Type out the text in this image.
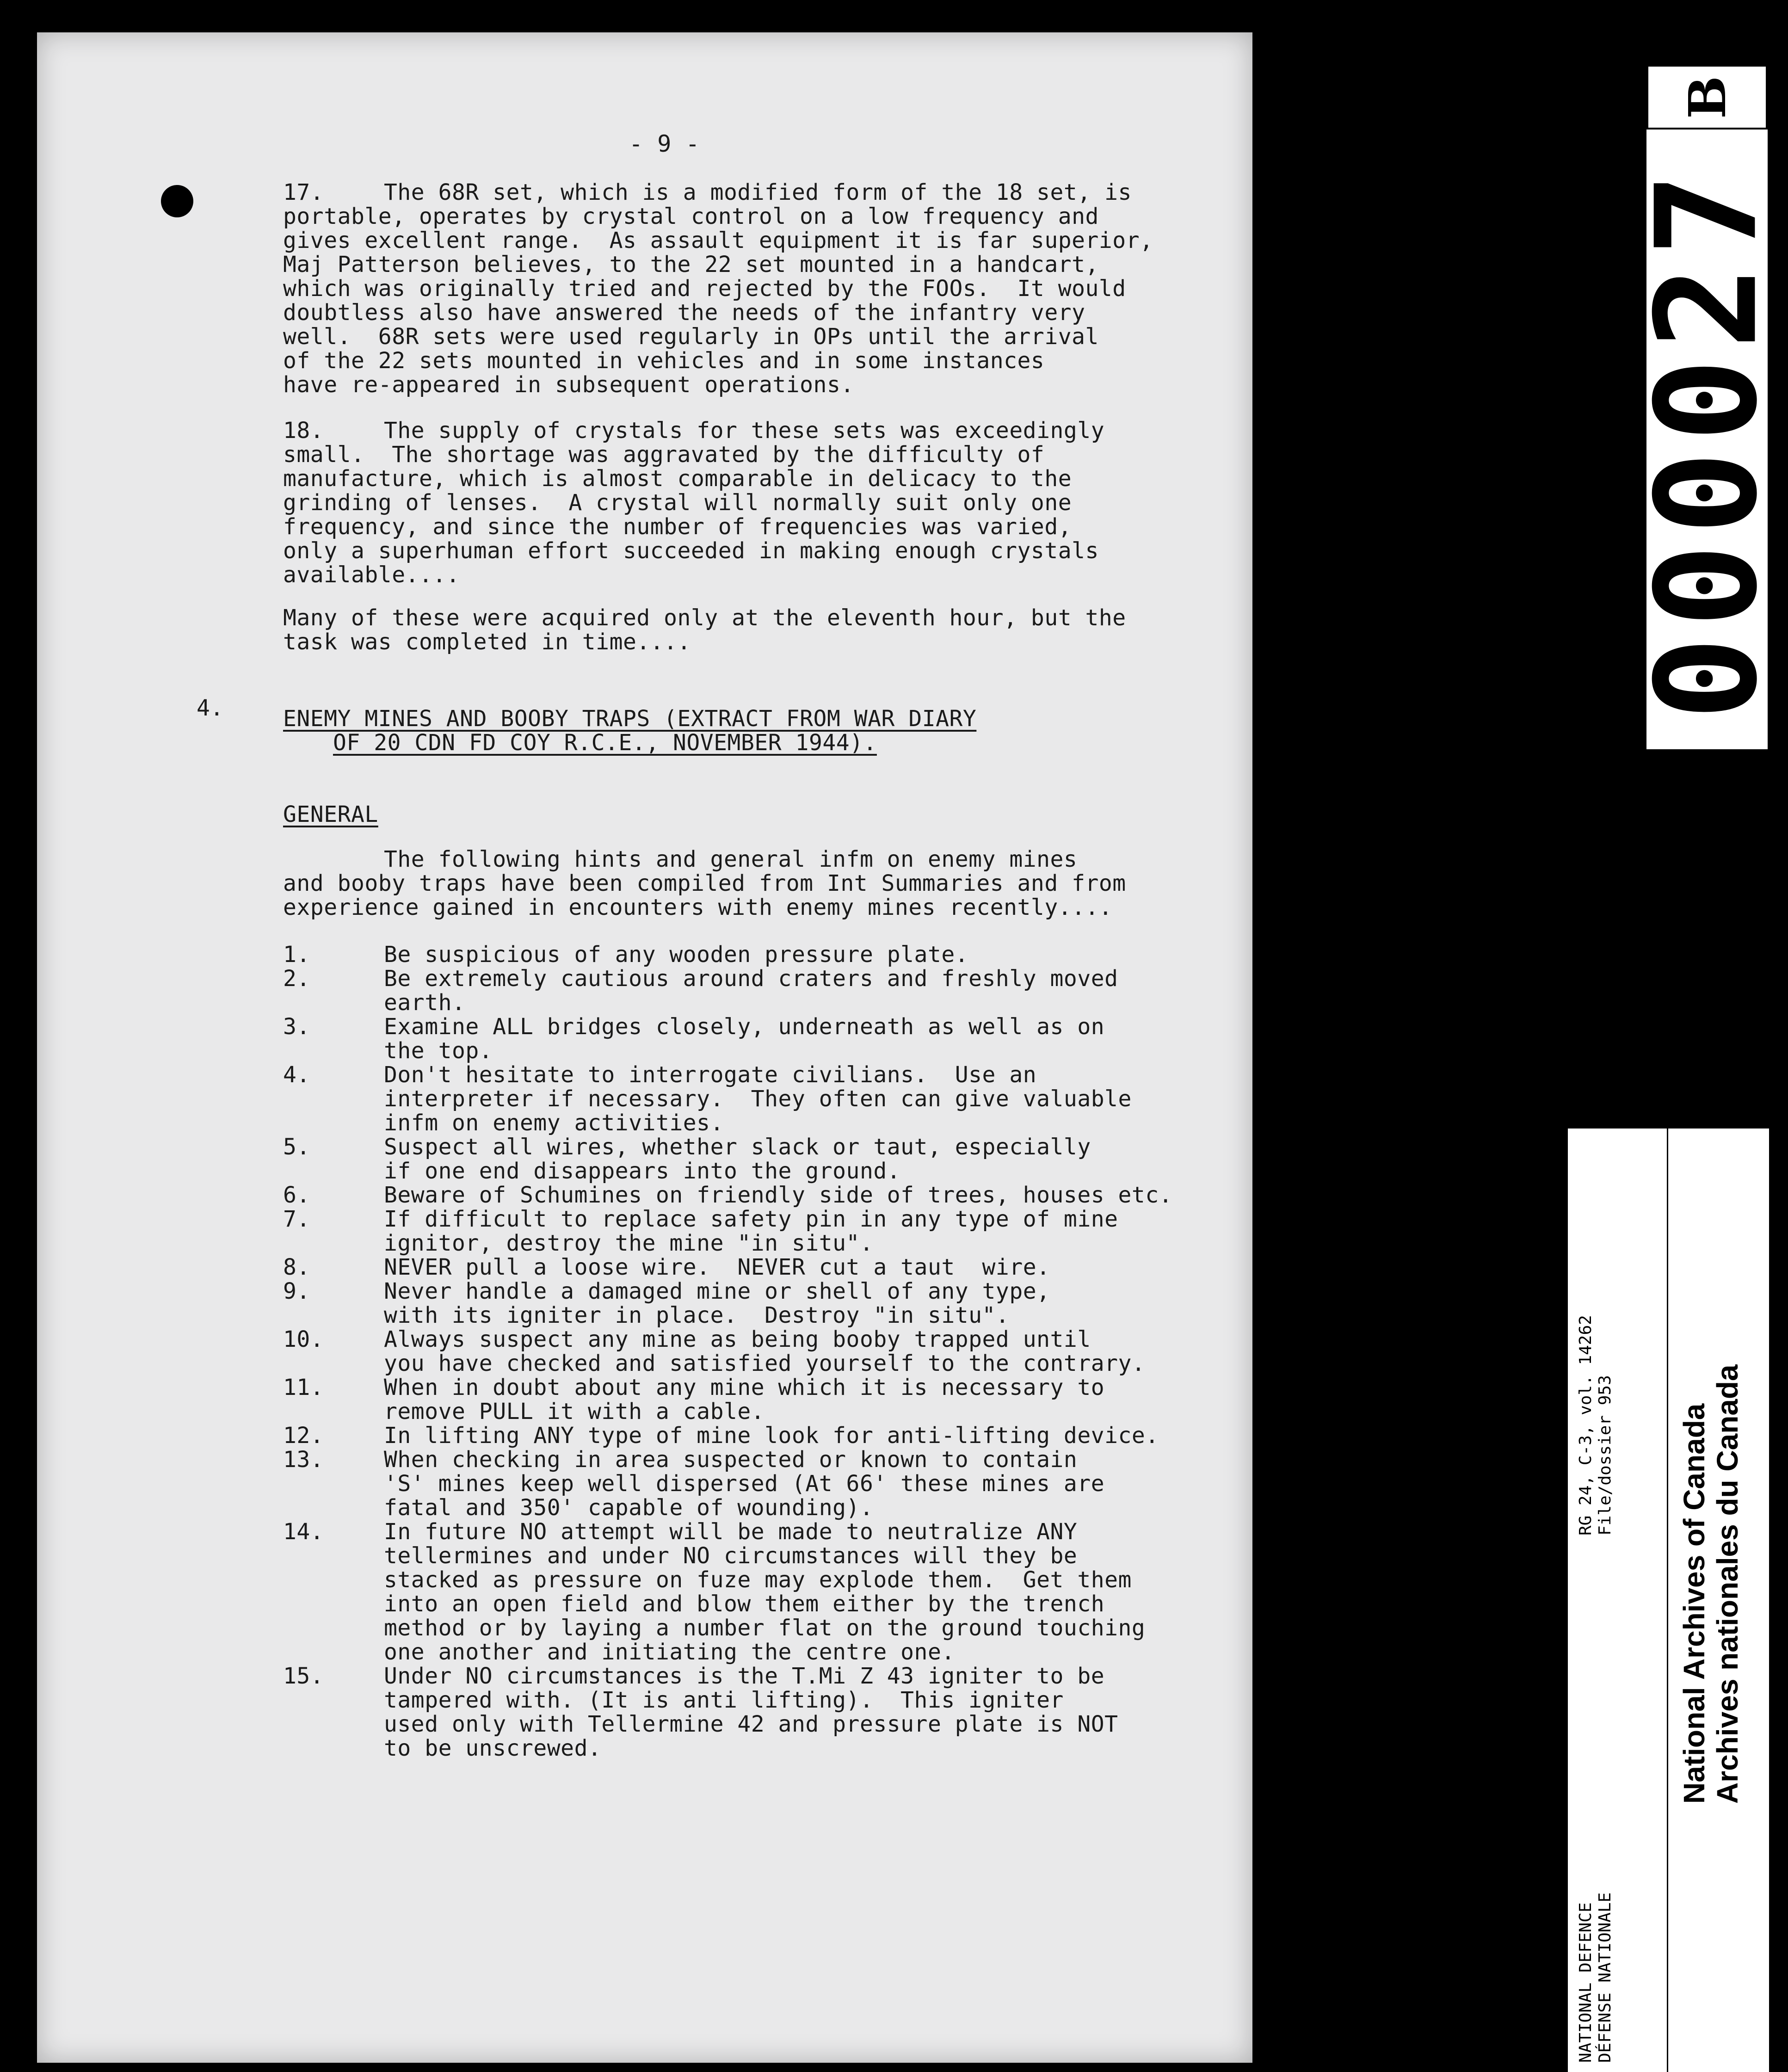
- 9 -
17.	The 68R set, which is a modified form of the 18 set, is
portable, operates by crystal control on a low frequency and
gives excellent range.  As assault equipment it is far superior,
Maj Patterson believes, to the 22 set mounted in a handcart,
which was originally tried and rejected by the FOOs.  It would
doubtless also have answered the needs of the infantry very
well.  68R sets were used regularly in OPs until the arrival
of the 22 sets mounted in vehicles and in some instances
have re-appeared in subsequent operations.
18.	The supply of crystals for these sets was exceedingly
small.  The shortage was aggravated by the difficulty of
manufacture, which is almost comparable in delicacy to the
grinding of lenses.  A crystal will normally suit only one
frequency, and since the number of frequencies was varied,
only a superhuman effort succeeded in making enough crystals
available....
Many of these were acquired only at the eleventh hour, but the
task was completed in time....
4.	ENEMY MINES AND BOOBY TRAPS (EXTRACT FROM WAR DIARY
OF 20 CDN FD COY R.C.E., NOVEMBER 1944).
GENERAL
The following hints and general infm on enemy mines
and booby traps have been compiled from Int Summaries and from
experience gained in encounters with enemy mines recently....
1.	Be suspicious of any wooden pressure plate.
2.	Be extremely cautious around craters and freshly moved
earth.
3.	Examine ALL bridges closely, underneath as well as on
the top.
4.	Don't hesitate to interrogate civilians.  Use an
interpreter if necessary.  They often can give valuable
infm on enemy activities.
5.	Suspect all wires, whether slack or taut, especially
if one end disappears into the ground.
6.	Beware of Schumines on friendly side of trees, houses etc.
7.	If difficult to replace safety pin in any type of mine
ignitor, destroy the mine "in situ".
8.	NEVER pull a loose wire.  NEVER cut a taut  wire.
9.	Never handle a damaged mine or shell of any type,
with its igniter in place.  Destroy "in situ".
10.	Always suspect any mine as being booby trapped until
you have checked and satisfied yourself to the contrary.
11.	When in doubt about any mine which it is necessary to
remove PULL it with a cable.
12.	In lifting ANY type of mine look for anti-lifting device.
13.	When checking in area suspected or known to contain
'S' mines keep well dispersed (At 66' these mines are
fatal and 350' capable of wounding).
14.	In future NO attempt will be made to neutralize ANY
tellermines and under NO circumstances will they be
stacked as pressure on fuze may explode them.  Get them
into an open field and blow them either by the trench
method or by laying a number flat on the ground touching
one another and initiating the centre one.
15.	Under NO circumstances is the T.Mi Z 43 igniter to be
tampered with. (It is anti lifting).  This igniter
used only with Tellermine 42 and pressure plate is NOT
to be unscrewed.
B
000027
NATIONAL DEFENCE
DÉFENSE NATIONALE
RG 24, C-3, vol. 14262
File/dossier 953 National Archives of Canada
Archives nationales du Canada
